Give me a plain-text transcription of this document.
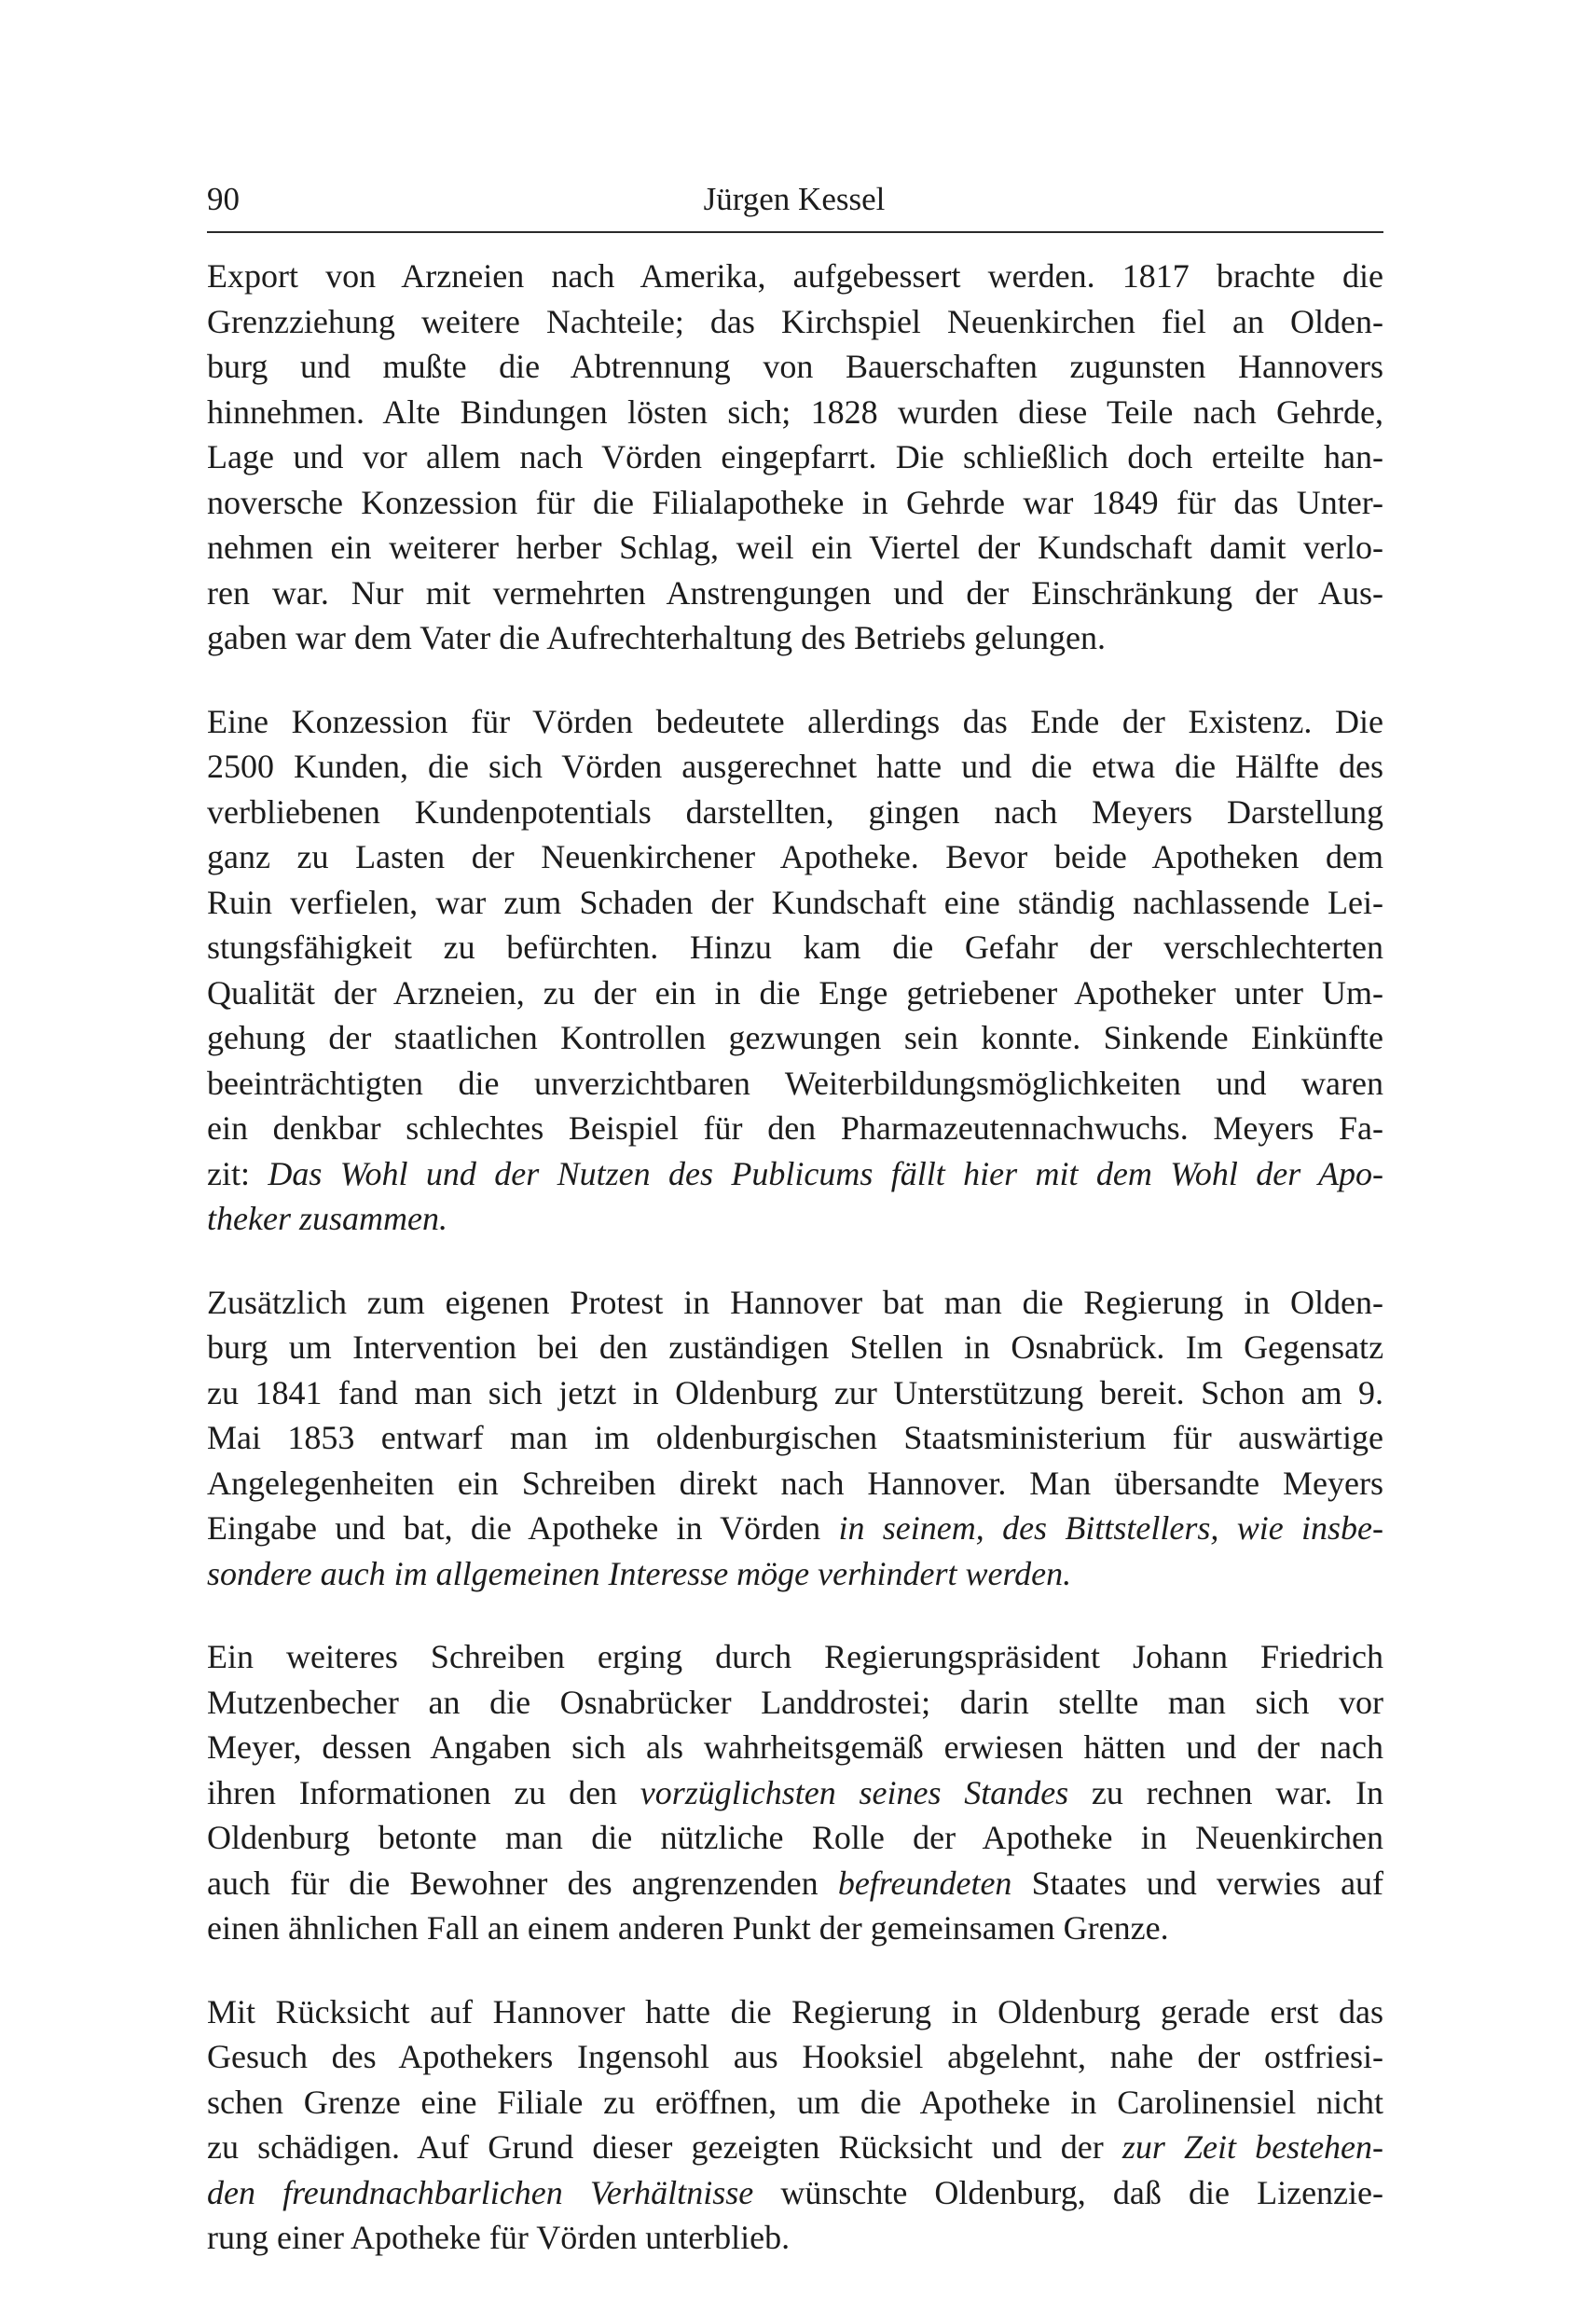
90	Jürgen Kessel

Export von Arzneien nach Amerika, aufgebessert werden. 1817 brachte die
Grenzziehung weitere Nachteile; das Kirchspiel Neuenkirchen fiel an Olden-
burg und mußte die Abtrennung von Bauerschaften zugunsten Hannovers
hinnehmen. Alte Bindungen lösten sich; 1828 wurden diese Teile nach Gehrde,
Lage und vor allem nach Vörden eingepfarrt. Die schließlich doch erteilte han-
noversche Konzession für die Filialapotheke in Gehrde war 1849 für das Unter-
nehmen ein weiterer herber Schlag, weil ein Viertel der Kundschaft damit verlo-
ren war. Nur mit vermehrten Anstrengungen und der Einschränkung der Aus-
gaben war dem Vater die Aufrechterhaltung des Betriebs gelungen.

Eine Konzession für Vörden bedeutete allerdings das Ende der Existenz. Die
2500 Kunden, die sich Vörden ausgerechnet hatte und die etwa die Hälfte des
verbliebenen Kundenpotentials darstellten, gingen nach Meyers Darstellung
ganz zu Lasten der Neuenkirchener Apotheke. Bevor beide Apotheken dem
Ruin verfielen, war zum Schaden der Kundschaft eine ständig nachlassende Lei-
stungsfähigkeit zu befürchten. Hinzu kam die Gefahr der verschlechterten
Qualität der Arzneien, zu der ein in die Enge getriebener Apotheker unter Um-
gehung der staatlichen Kontrollen gezwungen sein konnte. Sinkende Einkünfte
beeinträchtigten die unverzichtbaren Weiterbildungsmöglichkeiten und waren
ein denkbar schlechtes Beispiel für den Pharmazeutennachwuchs. Meyers Fa-
zit: Das Wohl und der Nutzen des Publicums fällt hier mit dem Wohl der Apo-
theker zusammen.

Zusätzlich zum eigenen Protest in Hannover bat man die Regierung in Olden-
burg um Intervention bei den zuständigen Stellen in Osnabrück. Im Gegensatz
zu 1841 fand man sich jetzt in Oldenburg zur Unterstützung bereit. Schon am 9.
Mai 1853 entwarf man im oldenburgischen Staatsministerium für auswärtige
Angelegenheiten ein Schreiben direkt nach Hannover. Man übersandte Meyers
Eingabe und bat, die Apotheke in Vörden in seinem, des Bittstellers, wie insbe-
sondere auch im allgemeinen Interesse möge verhindert werden.

Ein weiteres Schreiben erging durch Regierungspräsident Johann Friedrich
Mutzenbecher an die Osnabrücker Landdrostei; darin stellte man sich vor
Meyer, dessen Angaben sich als wahrheitsgemäß erwiesen hätten und der nach
ihren Informationen zu den vorzüglichsten seines Standes zu rechnen war. In
Oldenburg betonte man die nützliche Rolle der Apotheke in Neuenkirchen
auch für die Bewohner des angrenzenden befreundeten Staates und verwies auf
einen ähnlichen Fall an einem anderen Punkt der gemeinsamen Grenze.

Mit Rücksicht auf Hannover hatte die Regierung in Oldenburg gerade erst das
Gesuch des Apothekers Ingensohl aus Hooksiel abgelehnt, nahe der ostfriesi-
schen Grenze eine Filiale zu eröffnen, um die Apotheke in Carolinensiel nicht
zu schädigen. Auf Grund dieser gezeigten Rücksicht und der zur Zeit bestehen-
den freundnachbarlichen Verhältnisse wünschte Oldenburg, daß die Lizenzie-
rung einer Apotheke für Vörden unterblieb.
